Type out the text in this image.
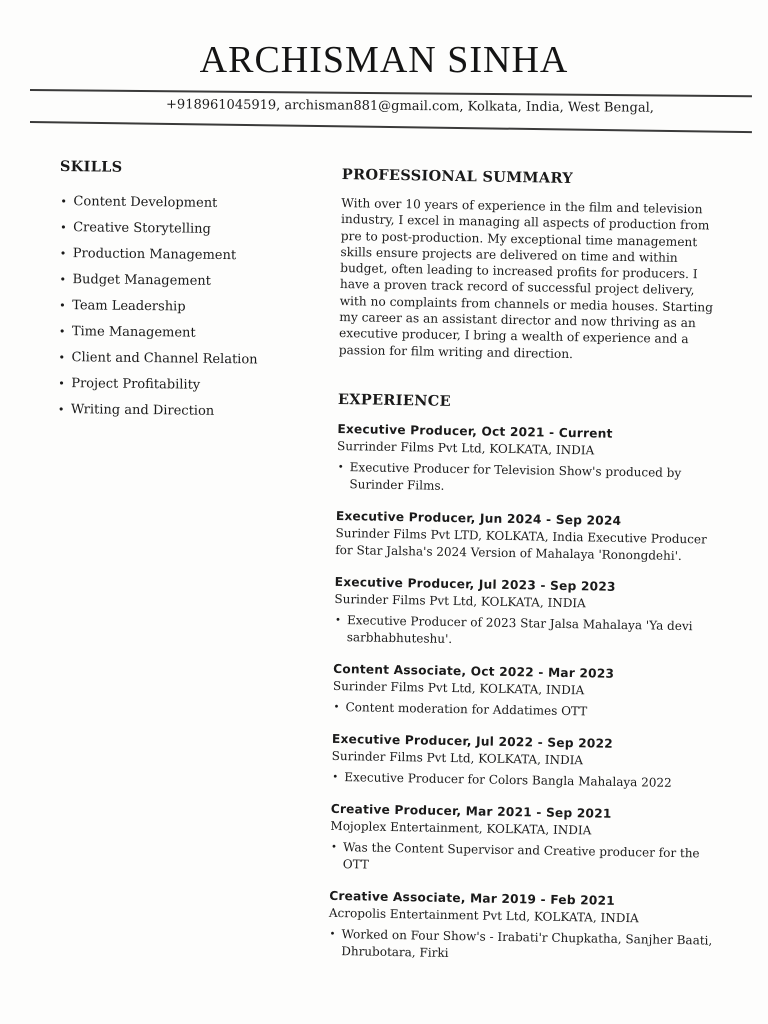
ARCHISMAN SINHA
+918961045919, archisman881@gmail.com, Kolkata, India, West Bengal,
SKILLS
• Content Development
• Creative Storytelling
• Production Management
• Budget Management
• Team Leadership
• Time Management
• Client and Channel Relation
• Project Profitability
• Writing and Direction
PROFESSIONAL SUMMARY

With over 10 years of experience in the film and television industry, I excel in managing all aspects of production from pre to post-production. My exceptional time management skills ensure projects are delivered on time and within budget, often leading to increased profits for producers. I have a proven track record of successful project delivery, with no complaints from channels or media houses. Starting my career as an assistant director and now thriving as an executive producer, I bring a wealth of experience and a passion for film writing and direction.

EXPERIENCE
Executive Producer, Oct 2021 - Current
Surrinder Films Pvt Ltd, KOLKATA, INDIA
• Executive Producer for Television Show's produced by Surinder Films.
Executive Producer, Jun 2024 - Sep 2024
Surinder Films Pvt LTD, KOLKATA, India Executive Producer for Star Jalsha's 2024 Version of Mahalaya 'Ronongdehi'.
Executive Producer, Jul 2023 - Sep 2023
Surinder Films Pvt Ltd, KOLKATA, INDIA
• Executive Producer of 2023 Star Jalsa Mahalaya 'Ya devi sarbhabhuteshu'.
Content Associate, Oct 2022 - Mar 2023
Surinder Films Pvt Ltd, KOLKATA, INDIA
• Content moderation for Addatimes OTT
Executive Producer, Jul 2022 - Sep 2022
Surinder Films Pvt Ltd, KOLKATA, INDIA
• Executive Producer for Colors Bangla Mahalaya 2022
Creative Producer, Mar 2021 - Sep 2021
Mojoplex Entertainment, KOLKATA, INDIA
• Was the Content Supervisor and Creative producer for the OTT
Creative Associate, Mar 2019 - Feb 2021
Acropolis Entertainment Pvt Ltd, KOLKATA, INDIA
• Worked on Four Show's - Irabati'r Chupkatha, Sanjher Baati, Dhrubotara, Firki
